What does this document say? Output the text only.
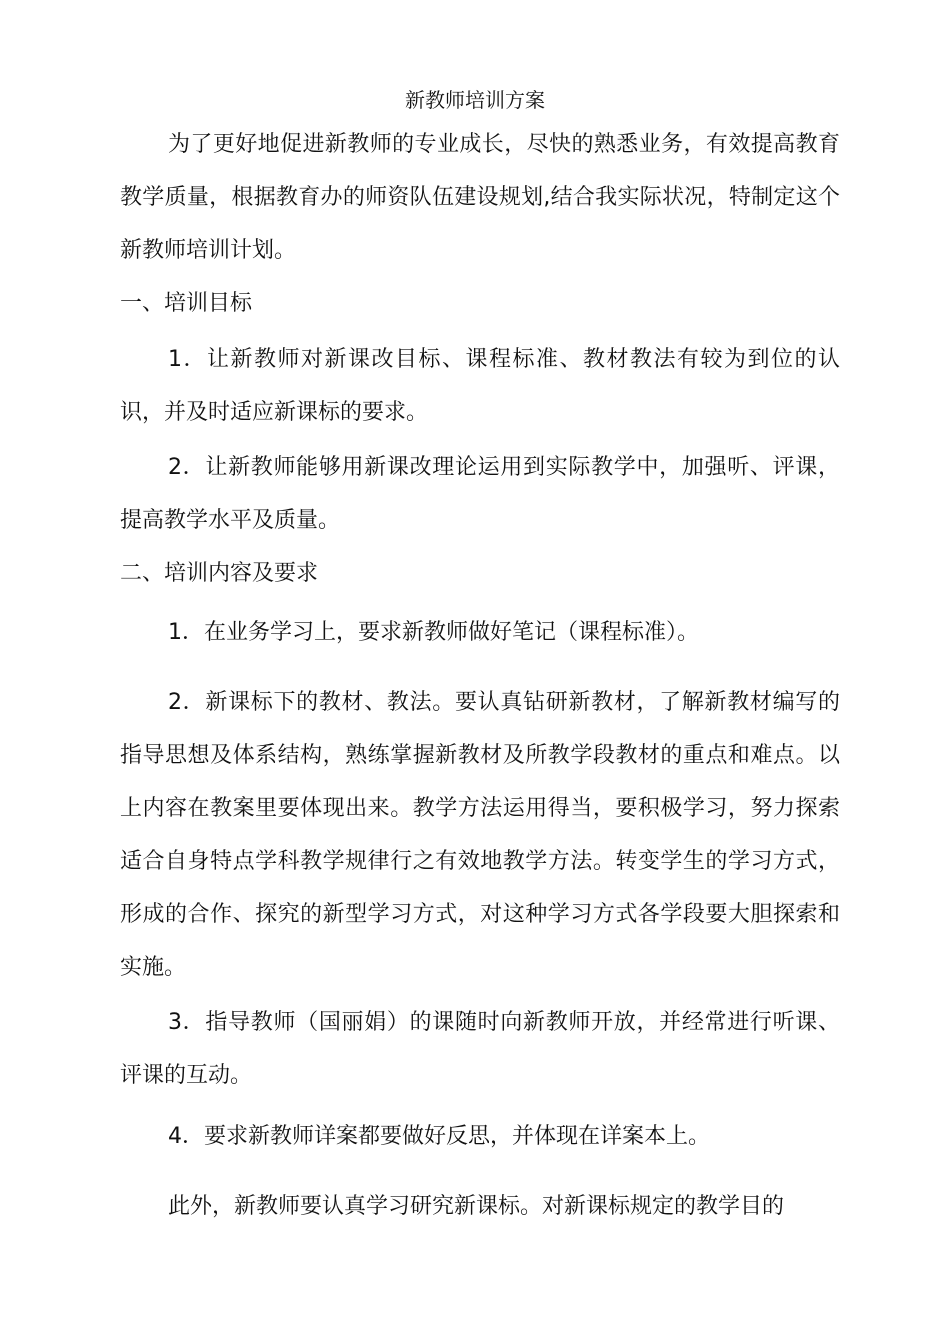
新教师培训方案

为了更好地促进新教师的专业成长，尽快的熟悉业务，有效提高教育教学质量，根据教育办的师资队伍建设规划,结合我实际状况，特制定这个新教师培训计划。

一、培训目标

1．让新教师对新课改目标、课程标准、教材教法有较为到位的认识，并及时适应新课标的要求。

2．让新教师能够用新课改理论运用到实际教学中，加强听、评课，提高教学水平及质量。

二、培训内容及要求

1．在业务学习上，要求新教师做好笔记（课程标准）。

2．新课标下的教材、教法。要认真钻研新教材，了解新教材编写的指导思想及体系结构，熟练掌握新教材及所教学段教材的重点和难点。以上内容在教案里要体现出来。教学方法运用得当，要积极学习，努力探索适合自身特点学科教学规律行之有效地教学方法。转变学生的学习方式，形成的合作、探究的新型学习方式，对这种学习方式各学段要大胆探索和实施。

3．指导教师（国丽娟）的课随时向新教师开放，并经常进行听课、评课的互动。

4．要求新教师详案都要做好反思，并体现在详案本上。

此外，新教师要认真学习研究新课标。对新课标规定的教学目的
